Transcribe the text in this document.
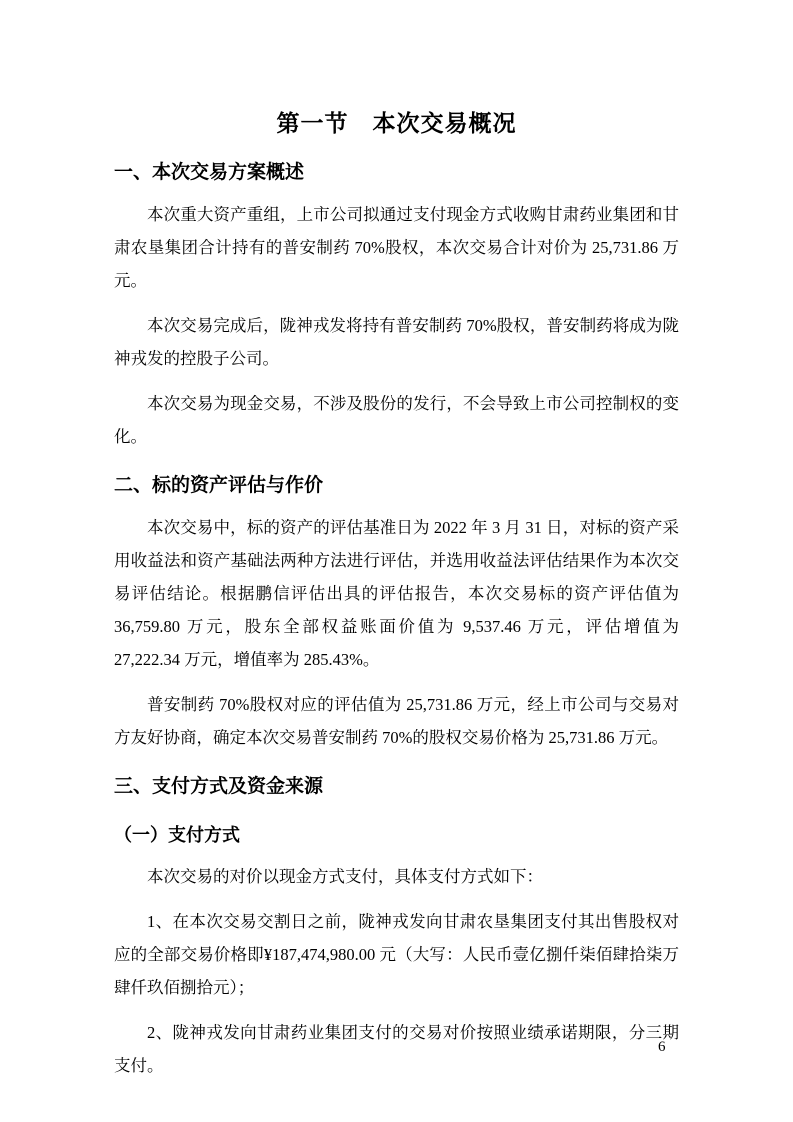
第一节　本次交易概况
一、本次交易方案概述

本次重大资产重组，上市公司拟通过支付现金方式收购甘肃药业集团和甘肃农垦集团合计持有的普安制药 70%股权，本次交易合计对价为 25,731.86 万元。

本次交易完成后，陇神戎发将持有普安制药 70%股权，普安制药将成为陇神戎发的控股子公司。

本次交易为现金交易，不涉及股份的发行，不会导致上市公司控制权的变化。

二、标的资产评估与作价

本次交易中，标的资产的评估基准日为 2022 年 3 月 31 日，对标的资产采用收益法和资产基础法两种方法进行评估，并选用收益法评估结果作为本次交易评估结论。根据鹏信评估出具的评估报告，本次交易标的资产评估值为 36,759.80 万元，股东全部权益账面价值为 9,537.46 万元，评估增值为 27,222.34 万元，增值率为 285.43%。

普安制药 70%股权对应的评估值为 25,731.86 万元，经上市公司与交易对方友好协商，确定本次交易普安制药 70%的股权交易价格为 25,731.86 万元。

三、支付方式及资金来源
（一）支付方式

本次交易的对价以现金方式支付，具体支付方式如下：

1、在本次交易交割日之前，陇神戎发向甘肃农垦集团支付其出售股权对应的全部交易价格即¥187,474,980.00 元（大写：人民币壹亿捌仟柒佰肆拾柒万肆仟玖佰捌拾元）；

2、陇神戎发向甘肃药业集团支付的交易对价按照业绩承诺期限，分三期支付。

6
